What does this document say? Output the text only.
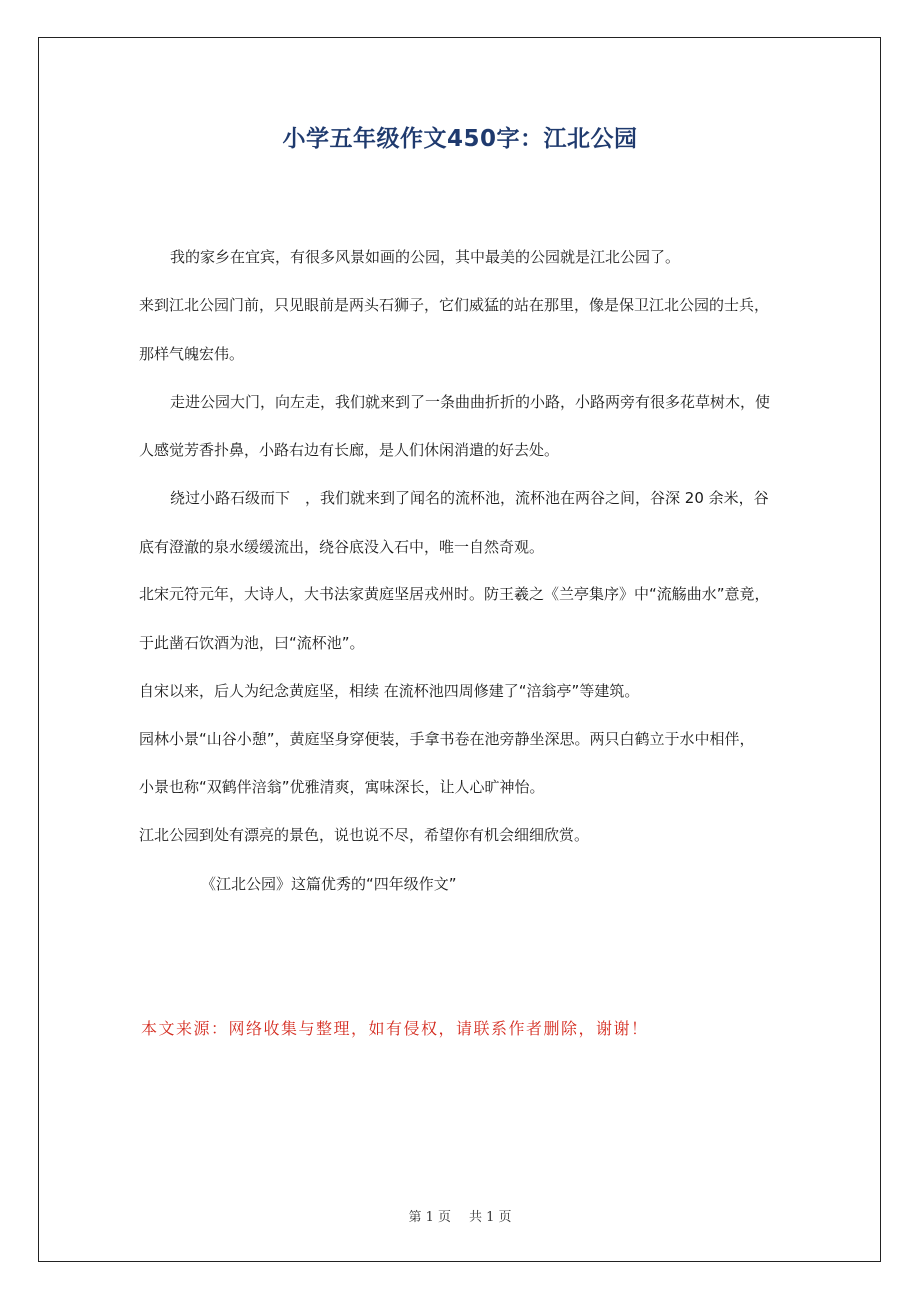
小学五年级作文450字：江北公园

我的家乡在宜宾，有很多风景如画的公园，其中最美的公园就是江北公园了。

来到江北公园门前，只见眼前是两头石狮子，它们威猛的站在那里，像是保卫江北公园的士兵，

那样气魄宏伟。

走进公园大门，向左走，我们就来到了一条曲曲折折的小路，小路两旁有很多花草树木，使

人感觉芳香扑鼻，小路右边有长廊，是人们休闲消遣的好去处。

绕过小路石级而下　，我们就来到了闻名的流杯池，流杯池在两谷之间，谷深 20 余米，谷

底有澄澈的泉水缓缓流出，绕谷底没入石中，唯一自然奇观。

北宋元符元年，大诗人，大书法家黄庭坚居戎州时。防王羲之《兰亭集序》中“流觞曲水”意竟，

于此凿石饮酒为池，曰“流杯池”。

自宋以来，后人为纪念黄庭坚，相续 在流杯池四周修建了“涪翁亭”等建筑。

园林小景“山谷小憩”，黄庭坚身穿便装，手拿书卷在池旁静坐深思。两只白鹤立于水中相伴，

小景也称“双鹤伴涪翁”优雅清爽，寓味深长，让人心旷神怡。

江北公园到处有漂亮的景色，说也说不尽，希望你有机会细细欣赏。

《江北公园》这篇优秀的“四年级作文”

本文来源：网络收集与整理，如有侵权，请联系作者删除，谢谢！
第 1 页 共 1 页
